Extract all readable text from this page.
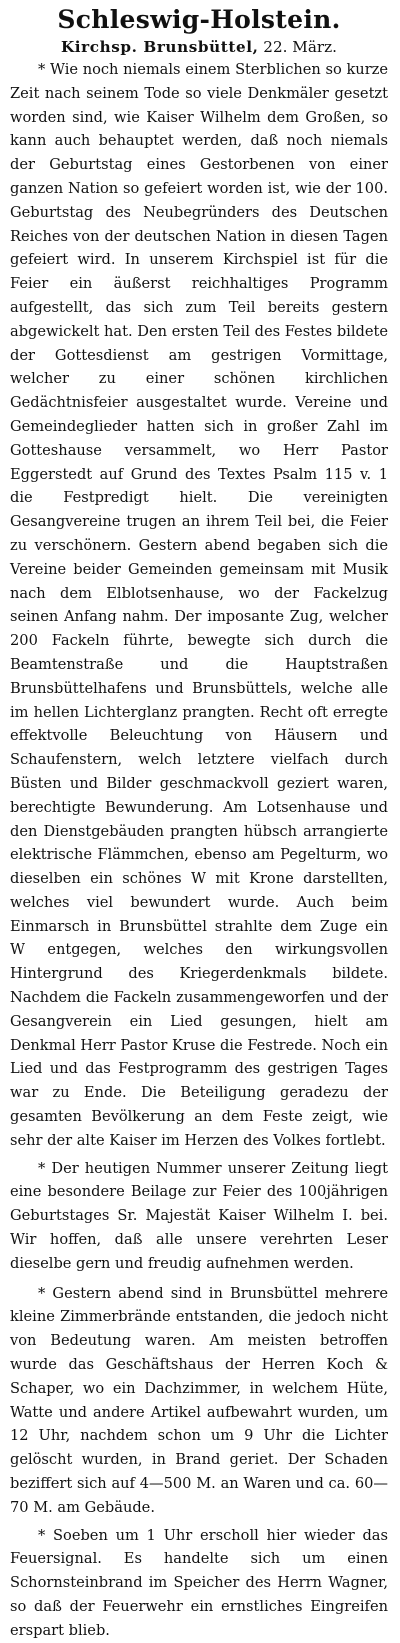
Schleswig-Holstein.
Kirchsp. Brunsbüttel, 22. März.

* Wie noch niemals einem Sterblichen so kurze Zeit nach seinem Tode so viele Denkmäler gesetzt worden sind, wie Kaiser Wilhelm dem Großen, so kann auch behauptet werden, daß noch niemals der Geburtstag eines Gestorbenen von einer ganzen Nation so gefeiert worden ist, wie der 100. Geburtstag des Neubegründers des Deutschen Reiches von der deutschen Nation in diesen Tagen gefeiert wird. In unserem Kirchspiel ist für die Feier ein äußerst reichhaltiges Programm aufgestellt, das sich zum Teil bereits gestern abgewickelt hat. Den ersten Teil des Festes bildete der Gottesdienst am gestrigen Vormittage, welcher zu einer schönen kirchlichen Gedächtnisfeier ausgestaltet wurde. Vereine und Gemeindeglieder hatten sich in großer Zahl im Gotteshause versammelt, wo Herr Pastor Eggerstedt auf Grund des Textes Psalm 115 v. 1 die Festpredigt hielt. Die vereinigten Gesangvereine trugen an ihrem Teil bei, die Feier zu verschönern. Gestern abend begaben sich die Vereine beider Gemeinden gemeinsam mit Musik nach dem Elblotsenhause, wo der Fackelzug seinen Anfang nahm. Der imposante Zug, welcher 200 Fackeln führte, bewegte sich durch die Beamtenstraße und die Hauptstraßen Brunsbüttelhafens und Brunsbüttels, welche alle im hellen Lichterglanz prangten. Recht oft erregte effektvolle Beleuchtung von Häusern und Schaufenstern, welch letztere vielfach durch Büsten und Bilder geschmackvoll geziert waren, berechtigte Bewunderung. Am Lotsenhause und den Dienstgebäuden prangten hübsch arrangierte elektrische Flämmchen, ebenso am Pegelturm, wo dieselben ein schönes W mit Krone darstellten, welches viel bewundert wurde. Auch beim Einmarsch in Brunsbüttel strahlte dem Zuge ein W entgegen, welches den wirkungsvollen Hintergrund des Kriegerdenkmals bildete. Nachdem die Fackeln zusammengeworfen und der Gesangverein ein Lied gesungen, hielt am Denkmal Herr Pastor Kruse die Festrede. Noch ein Lied und das Festprogramm des gestrigen Tages war zu Ende. Die Beteiligung geradezu der gesamten Bevölkerung an dem Feste zeigt, wie sehr der alte Kaiser im Herzen des Volkes fortlebt.

* Der heutigen Nummer unserer Zeitung liegt eine besondere Beilage zur Feier des 100jährigen Geburtstages Sr. Majestät Kaiser Wilhelm I. bei. Wir hoffen, daß alle unsere verehrten Leser dieselbe gern und freudig aufnehmen werden.

* Gestern abend sind in Brunsbüttel mehrere kleine Zimmerbrände entstanden, die jedoch nicht von Bedeutung waren. Am meisten betroffen wurde das Geschäftshaus der Herren Koch & Schaper, wo ein Dachzimmer, in welchem Hüte, Watte und andere Artikel aufbewahrt wurden, um 12 Uhr, nachdem schon um 9 Uhr die Lichter gelöscht wurden, in Brand geriet. Der Schaden beziffert sich auf 4—500 M. an Waren und ca. 60—70 M. am Gebäude.

* Soeben um 1 Uhr erscholl hier wieder das Feuersignal. Es handelte sich um einen Schornsteinbrand im Speicher des Herrn Wagner, so daß der Feuerwehr ein ernstliches Eingreifen erspart blieb.
